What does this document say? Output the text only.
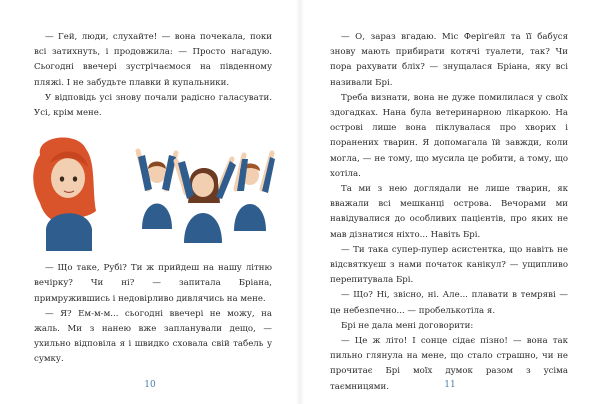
— Гей, люди, слухайте! — вона почекала, поки всі затихнуть, і продовжила: — Просто нагадую. Сьогодні ввечері зустрічаємося на південному пляжі. І не забудьте плавки й купальники.

У відповідь усі знову почали радісно галасувати. Усі, крім мене.

— Що таке, Рубі? Ти ж прийдеш на нашу літню вечірку? Чи ні? — запитала Бріана, примружившись і недовірливо дивлячись на мене.

— Я? Ем-м-м... сьогодні ввечері не можу, на жаль. Ми з нанею вже запланували дещо, — ухильно відповіла я і швидко сховала свій табель у сумку.

10

— О, зараз вгадаю. Міс Феріґейл та її бабуся знову мають прибирати котячі туалети, так? Чи пора рахувати бліх? — знущалася Бріана, яку всі називали Брі.

Треба визнати, вона не дуже помилилася у своїх здогадках. Нана була ветеринарною лікаркою. На острові лише вона піклувалася про хворих і поранених тварин. Я допомагала їй завжди, коли могла, — не тому, що мусила це робити, а тому, що хотіла.

Та ми з нею доглядали не лише тварин, як вважали всі мешканці острова. Вечорами ми навідувалися до особливих пацієнтів, про яких не мав дізнатися ніхто... Навіть Брі.

— Ти така супер-пупер асистентка, що навіть не відсвяткуєш з нами початок канікул? — ущипливо перепитувала Брі.

— Що? Ні, звісно, ні. Але... плавати в темряві — це небезпечно... — пробелькотіла я.

Брі не дала мені договорити:

— Це ж літо! І сонце сідає пізно! — вона так пильно глянула на мене, що стало страшно, чи не прочитає Брі моїх думок разом з усіма таємницями.	11
